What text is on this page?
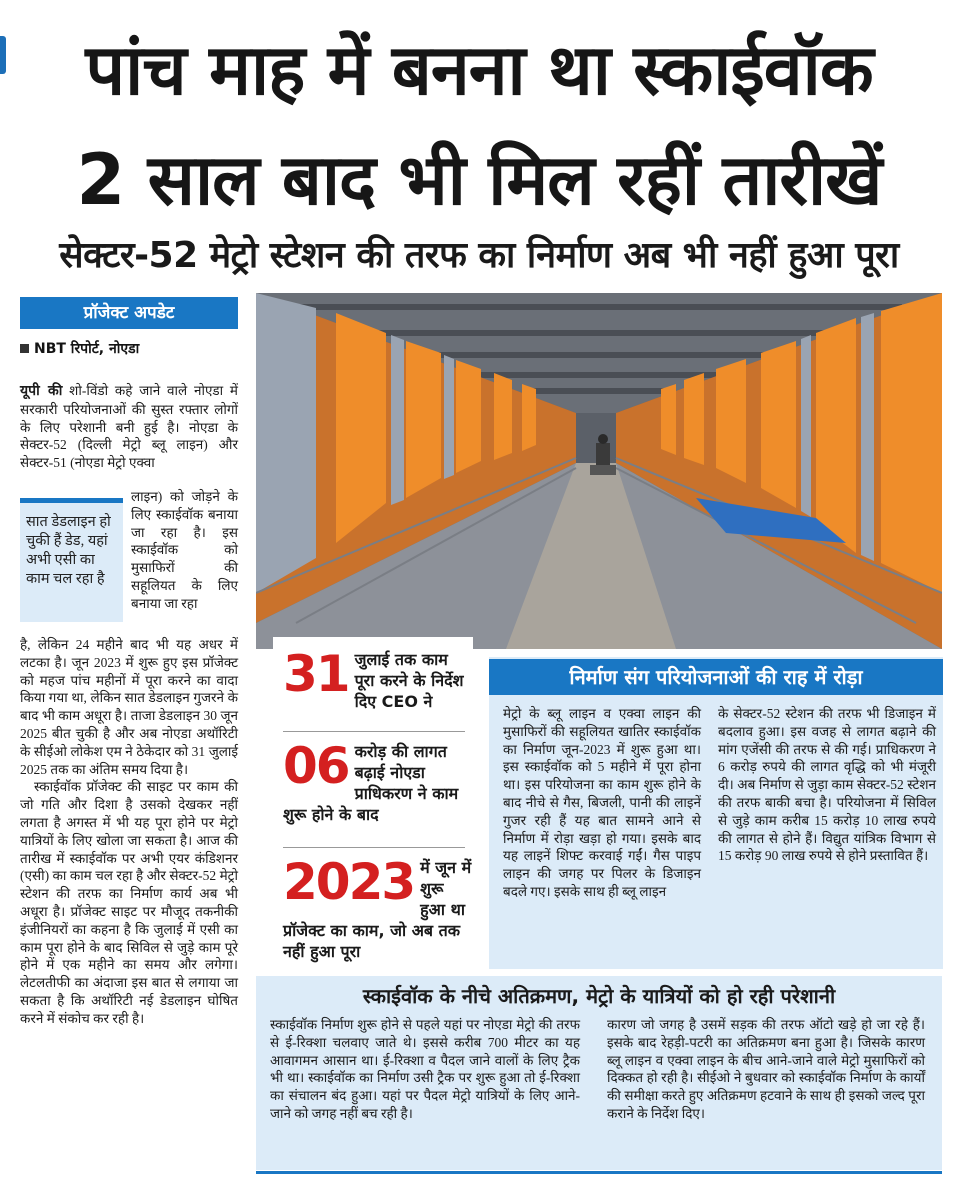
पांच माह में बनना था स्काईवॉक
2 साल बाद भी मिल रहीं तारीखें
सेक्टर-52 मेट्रो स्टेशन की तरफ का निर्माण अब भी नहीं हुआ पूरा
प्रॉजेक्ट अपडेट
NBT रिपोर्ट, नोएडा
यूपी की शो-विंडो कहे जाने वाले नोएडा में सरकारी परियोजनाओं की सुस्त रफ्तार लोगों के लिए परेशानी बनी हुई है। नोएडा के सेक्टर-52 (दिल्ली मेट्रो ब्लू लाइन) और सेक्टर-51 (नोएडा मेट्रो एक्वा
सात डेडलाइन हो चुकी हैं डेड, यहां अभी एसी का काम चल रहा है
लाइन) को जोड़ने के लिए स्काईवॉक बनाया जा रहा है। इस स्काईवॉक को मुसाफिरों की सहूलियत के लिए बनाया जा रहा

है, लेकिन 24 महीने बाद भी यह अधर में लटका है। जून 2023 में शुरू हुए इस प्रॉजेक्ट को महज पांच महीनों में पूरा करने का वादा किया गया था, लेकिन सात डेडलाइन गुजरने के बाद भी काम अधूरा है। ताजा डेडलाइन 30 जून 2025 बीत चुकी है और अब नोएडा अथॉरिटी के सीईओ लोकेश एम ने ठेकेदार को 31 जुलाई 2025 तक का अंतिम समय दिया है।

स्काईवॉक प्रॉजेक्ट की साइट पर काम की जो गति और दिशा है उसको देखकर नहीं लगता है अगस्त में भी यह पूरा होने पर मेट्रो यात्रियों के लिए खोला जा सकता है। आज की तारीख में स्काईवॉक पर अभी एयर कंडिशनर (एसी) का काम चल रहा है और सेक्टर-52 मेट्रो स्टेशन की तरफ का निर्माण कार्य अब भी अधूरा है। प्रॉजेक्ट साइट पर मौजूद तकनीकी इंजीनियरों का कहना है कि जुलाई में एसी का काम पूरा होने के बाद सिविल से जुड़े काम पूरे होने में एक महीने का समय और लगेगा। लेटलतीफी का अंदाजा इस बात से लगाया जा सकता है कि अथॉरिटी नई डेडलाइन घोषित करने में संकोच कर रही है।

31 जुलाई तक काम पूरा करने के निर्देश दिए CEO ने
06 करोड़ की लागत बढ़ाई नोएडा प्राधिकरण ने काम शुरू होने के बाद
2023 में जून में शुरू हुआ था प्रॉजेक्ट का काम, जो अब तक नहीं हुआ पूरा
निर्माण संग परियोजनाओं की राह में रोड़ा
मेट्रो के ब्लू लाइन व एक्वा लाइन की मुसाफिरों की सहूलियत खातिर स्काईवॉक का निर्माण जून-2023 में शुरू हुआ था। इस स्काईवॉक को 5 महीने में पूरा होना था। इस परियोजना का काम शुरू होने के बाद नीचे से गैस, बिजली, पानी की लाइनें गुजर रही हैं यह बात सामने आने से निर्माण में रोड़ा खड़ा हो गया। इसके बाद यह लाइनें शिफ्ट करवाई गईं। गैस पाइप लाइन की जगह पर पिलर के डिजाइन बदले गए। इसके साथ ही ब्लू लाइन
के सेक्टर-52 स्टेशन की तरफ भी डिजाइन में बदलाव हुआ। इस वजह से लागत बढ़ाने की मांग एजेंसी की तरफ से की गई। प्राधिकरण ने 6 करोड़ रुपये की लागत वृद्धि को भी मंजूरी दी। अब निर्माण से जुड़ा काम सेक्टर-52 स्टेशन की तरफ बाकी बचा है। परियोजना में सिविल से जुड़े काम करीब 15 करोड़ 10 लाख रुपये की लागत से होने हैं। विद्युत यांत्रिक विभाग से 15 करोड़ 90 लाख रुपये से होने प्रस्तावित हैं।
स्काईवॉक के नीचे अतिक्रमण, मेट्रो के यात्रियों को हो रही परेशानी
स्काईवॉक निर्माण शुरू होने से पहले यहां पर नोएडा मेट्रो की तरफ से ई-रिक्शा चलवाए जाते थे। इससे करीब 700 मीटर का यह आवागमन आसान था। ई-रिक्शा व पैदल जाने वालों के लिए ट्रैक भी था। स्काईवॉक का निर्माण उसी ट्रैक पर शुरू हुआ तो ई-रिक्शा का संचालन बंद हुआ। यहां पर पैदल मेट्रो यात्रियों के लिए आने-जाने को जगह नहीं बच रही है।
कारण जो जगह है उसमें सड़क की तरफ ऑटो खड़े हो जा रहे हैं। इसके बाद रेहड़ी-पटरी का अतिक्रमण बना हुआ है। जिसके कारण ब्लू लाइन व एक्वा लाइन के बीच आने-जाने वाले मेट्रो मुसाफिरों को दिक्कत हो रही है। सीईओ ने बुधवार को स्काईवॉक निर्माण के कार्यों की समीक्षा करते हुए अतिक्रमण हटवाने के साथ ही इसको जल्द पूरा कराने के निर्देश दिए।
